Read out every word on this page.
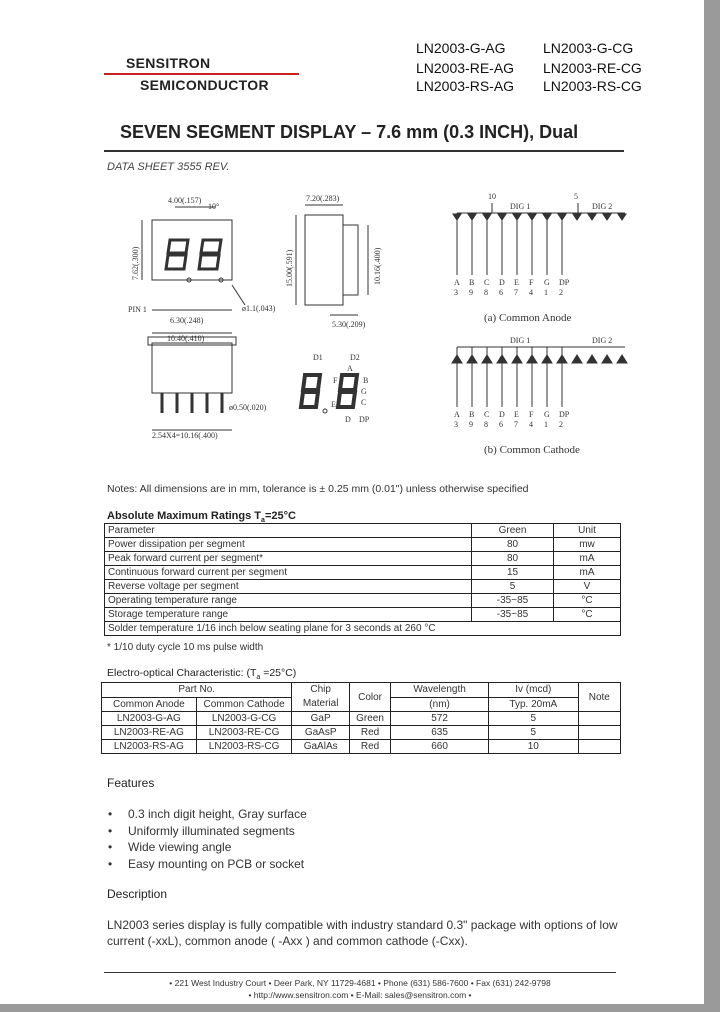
SENSITRON
SEMICONDUCTOR
LN2003-G-AG	LN2003-G-CG
LN2003-RE-AG LN2003-RE-CG
LN2003-RS-AG LN2003-RS-CG
SEVEN SEGMENT DISPLAY – 7.6 mm (0.3 INCH), Dual
DATA SHEET 3555 REV.
4.00(.157)
10°
7.62(.300)
6.30(.248)
PIN 1	ø1.1(.043)
7.20(.283)
15.00(.591)	10.16(.400)
5.30(.209)
10.40(.410)
ø0.50(.020)
2.54X4=10.16(.400)
D1	D2
A
B
C
D
E
F
G
DP
10	5
DIG 1	DIG 2
DIG 1	DIG 2
A
3
B
9
C
8
D
6
E
7
F
4
G
1
DP
2
A
3
B
9
C
8
D
6
E
7
F
4
G
1
DP
2
(a) Common Anode
(b) Common Cathode
Notes: All dimensions are in mm, tolerance is ± 0.25 mm (0.01") unless otherwise specified
Absolute Maximum Ratings $T_a=25^\circ C$
Parameter	Green	Unit
Power dissipation per segment	80	mw
Peak forward current per segment*	80	mA
Continuous forward current per segment	15	mA
Reverse voltage per segment	5	V
Operating temperature range	-35~85	°C
Storage temperature range	-35~85	°C
Solder temperature 1/16 inch below seating plane for 3 seconds at 260 °C		
* 1/10 duty cycle 10 ms pulse width
Electro-optical Characteristic: $(T_a =25^\circ C)$
Part No.		Chip
Material	Color	Wavelength	Iv (mcd)	Note
Common Anode	Common Cathode			(nm)	Typ. 20mA	
LN2003-G-AG	LN2003-G-CG	GaP	Green	572	5	
LN2003-RE-AG	LN2003-RE-CG	GaAsP	Red	635	5	
LN2003-RS-AG	LN2003-RS-CG	GaAlAs	Red	660	10	
Features
• 0.3 inch digit height, Gray surface
• Uniformly illuminated segments
• Wide viewing angle
• Easy mounting on PCB or socket
Description
LN2003 series display is fully compatible with industry standard 0.3" package with options of low current (-xxL), common anode ( -Axx ) and common cathode (-Cxx).
• 221 West Industry Court • Deer Park, NY 11729-4681 • Phone (631) 586-7600 • Fax (631) 242-9798
• http://www.sensitron.com • E-Mail: sales@sensitron.com •
